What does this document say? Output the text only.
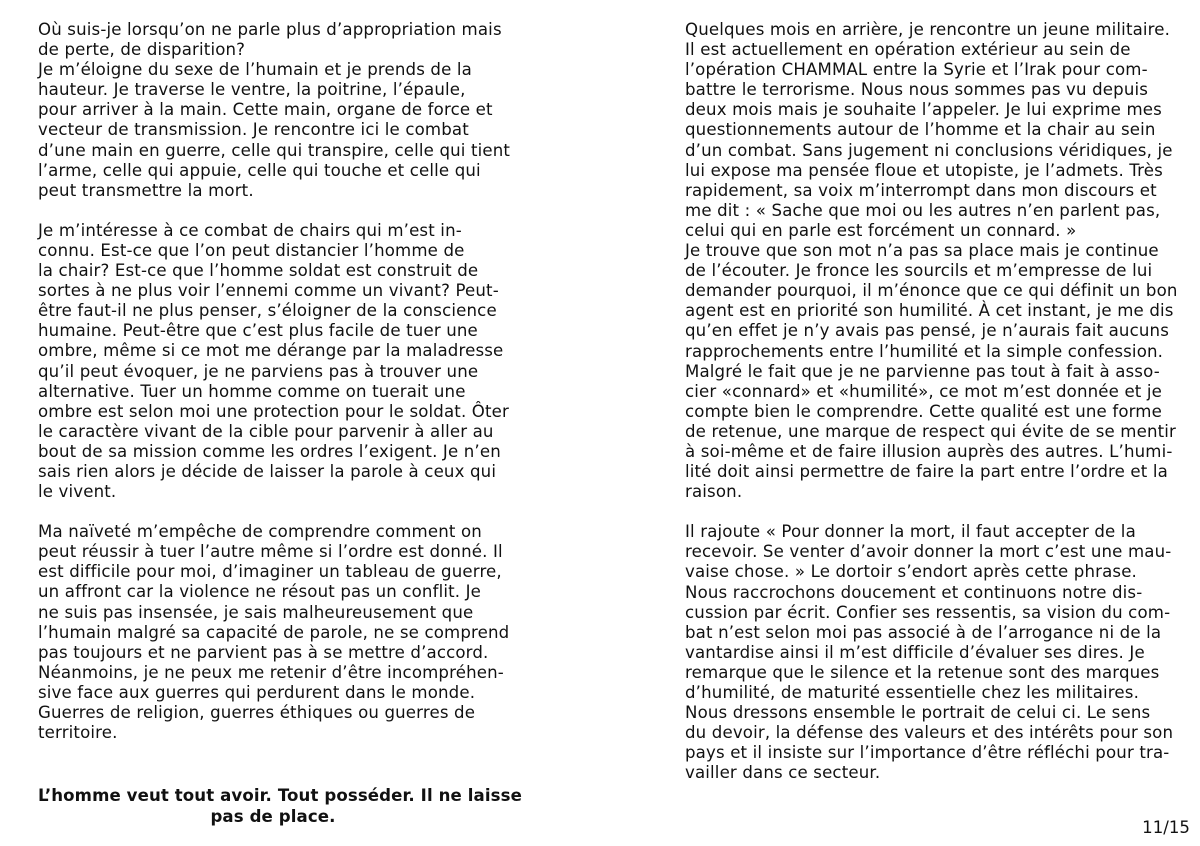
Où suis-je lorsqu’on ne parle plus d’appropriation mais
de perte, de disparition?
Je m’éloigne du sexe de l’humain et je prends de la
hauteur. Je traverse le ventre, la poitrine, l’épaule,
pour arriver à la main. Cette main, organe de force et
vecteur de transmission. Je rencontre ici le combat
d’une main en guerre, celle qui transpire, celle qui tient
l’arme, celle qui appuie, celle qui touche et celle qui
peut transmettre la mort.

Je m’intéresse à ce combat de chairs qui m’est in-
connu. Est-ce que l’on peut distancier l’homme de
la chair? Est-ce que l’homme soldat est construit de
sortes à ne plus voir l’ennemi comme un vivant? Peut-
être faut-il ne plus penser, s’éloigner de la conscience
humaine. Peut-être que c’est plus facile de tuer une
ombre, même si ce mot me dérange par la maladresse
qu’il peut évoquer, je ne parviens pas à trouver une
alternative. Tuer un homme comme on tuerait une
ombre est selon moi une protection pour le soldat. Ôter
le caractère vivant de la cible pour parvenir à aller au
bout de sa mission comme les ordres l’exigent. Je n’en
sais rien alors je décide de laisser la parole à ceux qui
le vivent.

Ma naïveté m’empêche de comprendre comment on
peut réussir à tuer l’autre même si l’ordre est donné. Il
est difficile pour moi, d’imaginer un tableau de guerre,
un affront car la violence ne résout pas un conflit. Je
ne suis pas insensée, je sais malheureusement que
l’humain malgré sa capacité de parole, ne se comprend
pas toujours et ne parvient pas à se mettre d’accord.
Néanmoins, je ne peux me retenir d’être incompréhen-
sive face aux guerres qui perdurent dans le monde.
Guerres de religion, guerres éthiques ou guerres de
territoire.

L’homme veut tout avoir. Tout posséder. Il ne laisse
pas de place.

Quelques mois en arrière, je rencontre un jeune militaire.
Il est actuellement en opération extérieur au sein de
l’opération CHAMMAL entre la Syrie et l’Irak pour com-
battre le terrorisme. Nous nous sommes pas vu depuis
deux mois mais je souhaite l’appeler. Je lui exprime mes
questionnements autour de l’homme et la chair au sein
d’un combat. Sans jugement ni conclusions véridiques, je
lui expose ma pensée floue et utopiste, je l’admets. Très
rapidement, sa voix m’interrompt dans mon discours et
me dit : « Sache que moi ou les autres n’en parlent pas,
celui qui en parle est forcément un connard. »
Je trouve que son mot n’a pas sa place mais je continue
de l’écouter. Je fronce les sourcils et m’empresse de lui
demander pourquoi, il m’énonce que ce qui définit un bon
agent est en priorité son humilité. À cet instant, je me dis
qu’en effet je n’y avais pas pensé, je n’aurais fait aucuns
rapprochements entre l’humilité et la simple confession.
Malgré le fait que je ne parvienne pas tout à fait à asso-
cier «connard» et «humilité», ce mot m’est donnée et je
compte bien le comprendre. Cette qualité est une forme
de retenue, une marque de respect qui évite de se mentir
à soi-même et de faire illusion auprès des autres. L’humi-
lité doit ainsi permettre de faire la part entre l’ordre et la
raison.

Il rajoute « Pour donner la mort, il faut accepter de la
recevoir. Se venter d’avoir donner la mort c’est une mau-
vaise chose. » Le dortoir s’endort après cette phrase.
Nous raccrochons doucement et continuons notre dis-
cussion par écrit. Confier ses ressentis, sa vision du com-
bat n’est selon moi pas associé à de l’arrogance ni de la
vantardise ainsi il m’est difficile d’évaluer ses dires. Je
remarque que le silence et la retenue sont des marques
d’humilité, de maturité essentielle chez les militaires.
Nous dressons ensemble le portrait de celui ci. Le sens
du devoir, la défense des valeurs et des intérêts pour son
pays et il insiste sur l’importance d’être réfléchi pour tra-
vailler dans ce secteur.

11/15
